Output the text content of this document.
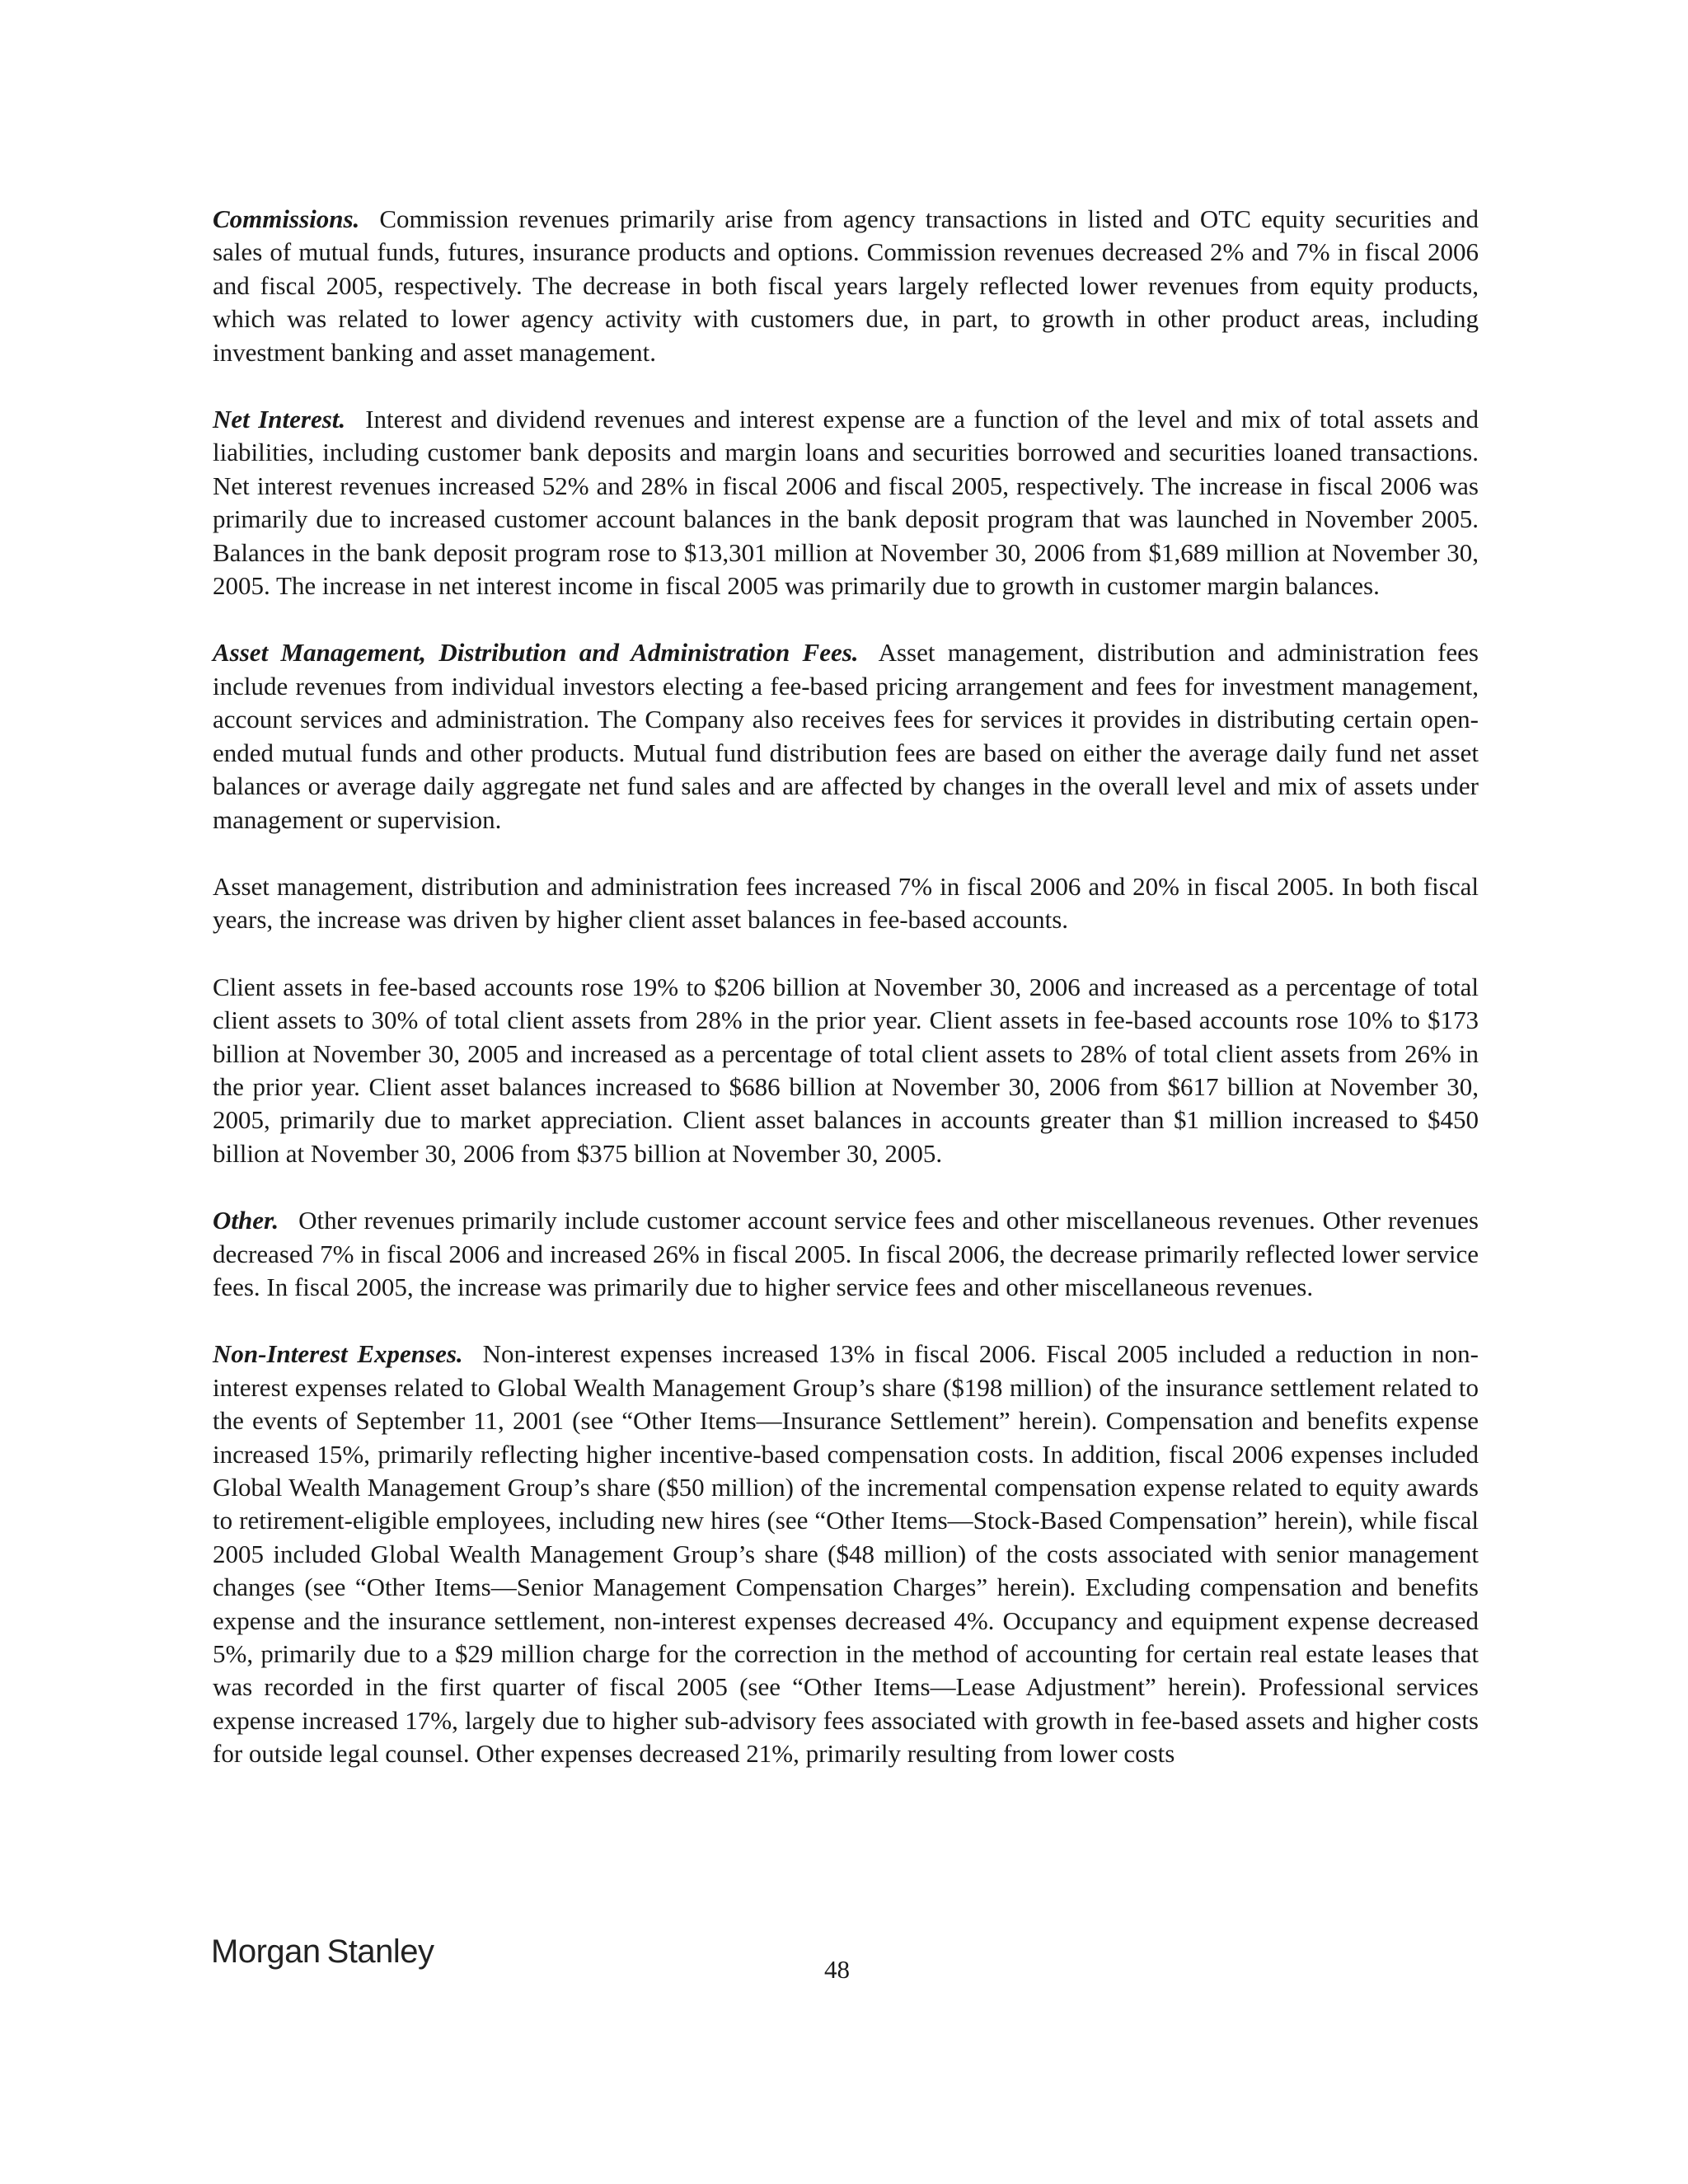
Commissions. Commission revenues primarily arise from agency transactions in listed and OTC equity securities and sales of mutual funds, futures, insurance products and options. Commission revenues decreased 2% and 7% in fiscal 2006 and fiscal 2005, respectively. The decrease in both fiscal years largely reflected lower revenues from equity products, which was related to lower agency activity with customers due, in part, to growth in other product areas, including investment banking and asset management.

Net Interest. Interest and dividend revenues and interest expense are a function of the level and mix of total assets and liabilities, including customer bank deposits and margin loans and securities borrowed and securities loaned transactions. Net interest revenues increased 52% and 28% in fiscal 2006 and fiscal 2005, respectively. The increase in fiscal 2006 was primarily due to increased customer account balances in the bank deposit program that was launched in November 2005. Balances in the bank deposit program rose to $13,301 million at November 30, 2006 from $1,689 million at November 30, 2005. The increase in net interest income in fiscal 2005 was primarily due to growth in customer margin balances.

Asset Management, Distribution and Administration Fees. Asset management, distribution and administration fees include revenues from individual investors electing a fee-based pricing arrangement and fees for investment management, account services and administration. The Company also receives fees for services it provides in distributing certain open-ended mutual funds and other products. Mutual fund distribution fees are based on either the average daily fund net asset balances or average daily aggregate net fund sales and are affected by changes in the overall level and mix of assets under management or supervision.

Asset management, distribution and administration fees increased 7% in fiscal 2006 and 20% in fiscal 2005. In both fiscal years, the increase was driven by higher client asset balances in fee-based accounts.

Client assets in fee-based accounts rose 19% to $206 billion at November 30, 2006 and increased as a percentage of total client assets to 30% of total client assets from 28% in the prior year. Client assets in fee-based accounts rose 10% to $173 billion at November 30, 2005 and increased as a percentage of total client assets to 28% of total client assets from 26% in the prior year. Client asset balances increased to $686 billion at November 30, 2006 from $617 billion at November 30, 2005, primarily due to market appreciation. Client asset balances in accounts greater than $1 million increased to $450 billion at November 30, 2006 from $375 billion at November 30, 2005.

Other. Other revenues primarily include customer account service fees and other miscellaneous revenues. Other revenues decreased 7% in fiscal 2006 and increased 26% in fiscal 2005. In fiscal 2006, the decrease primarily reflected lower service fees. In fiscal 2005, the increase was primarily due to higher service fees and other miscellaneous revenues.

Non-Interest Expenses. Non-interest expenses increased 13% in fiscal 2006. Fiscal 2005 included a reduction in non-interest expenses related to Global Wealth Management Group’s share ($198 million) of the insurance settlement related to the events of September 11, 2001 (see “Other Items—Insurance Settlement” herein). Compensation and benefits expense increased 15%, primarily reflecting higher incentive-based compensation costs. In addition, fiscal 2006 expenses included Global Wealth Management Group’s share ($50 million) of the incremental compensation expense related to equity awards to retirement-eligible employees, including new hires (see “Other Items—Stock-Based Compensation” herein), while fiscal 2005 included Global Wealth Management Group’s share ($48 million) of the costs associated with senior management changes (see “Other Items—Senior Management Compensation Charges” herein). Excluding compensation and benefits expense and the insurance settlement, non-interest expenses decreased 4%. Occupancy and equipment expense decreased 5%, primarily due to a $29 million charge for the correction in the method of accounting for certain real estate leases that was recorded in the first quarter of fiscal 2005 (see “Other Items—Lease Adjustment” herein). Professional services expense increased 17%, largely due to higher sub-advisory fees associated with growth in fee-based assets and higher costs for outside legal counsel. Other expenses decreased 21%, primarily resulting from lower costs

Morgan Stanley	48
